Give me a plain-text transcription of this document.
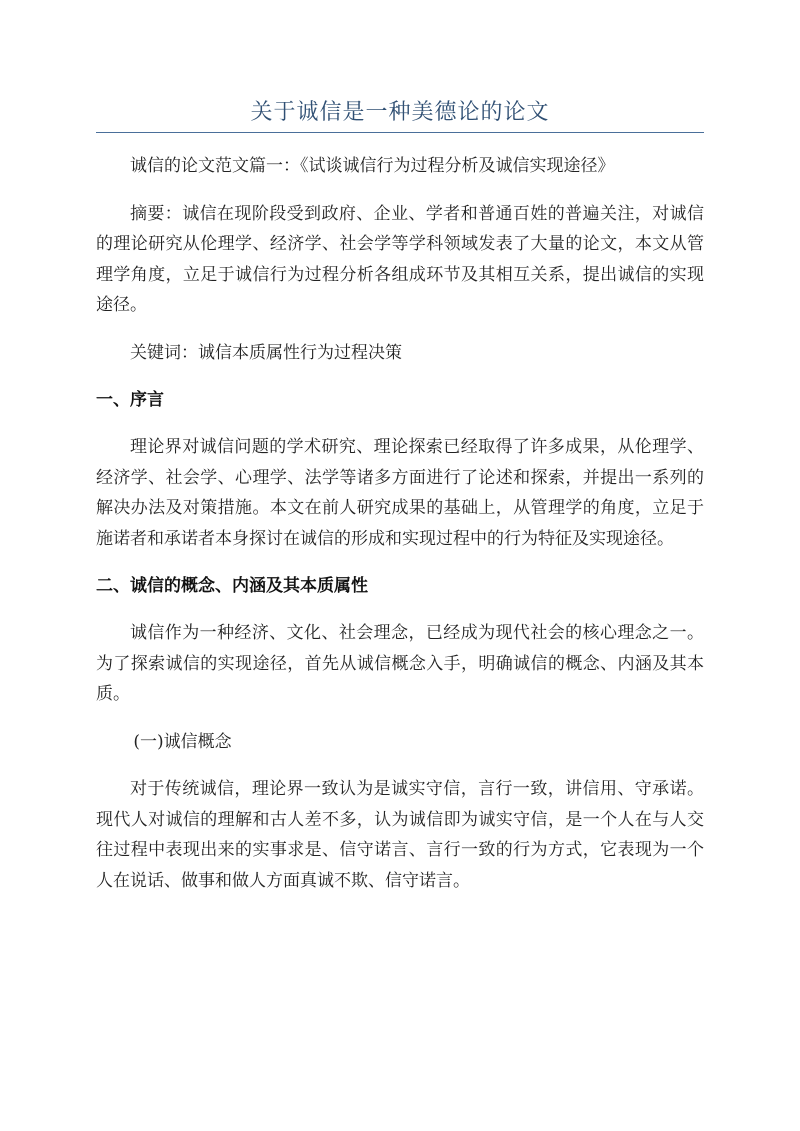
关于诚信是一种美德论的论文

诚信的论文范文篇一：《试谈诚信行为过程分析及诚信实现途径》

摘要：诚信在现阶段受到政府、企业、学者和普通百姓的普遍关注，对诚信的理论研究从伦理学、经济学、社会学等学科领域发表了大量的论文，本文从管理学角度，立足于诚信行为过程分析各组成环节及其相互关系，提出诚信的实现途径。

关键词：诚信本质属性行为过程决策

一、序言

理论界对诚信问题的学术研究、理论探索已经取得了许多成果，从伦理学、经济学、社会学、心理学、法学等诸多方面进行了论述和探索，并提出一系列的解决办法及对策措施。本文在前人研究成果的基础上，从管理学的角度，立足于施诺者和承诺者本身探讨在诚信的形成和实现过程中的行为特征及实现途径。

二、诚信的概念、内涵及其本质属性

诚信作为一种经济、文化、社会理念，已经成为现代社会的核心理念之一。为了探索诚信的实现途径，首先从诚信概念入手，明确诚信的概念、内涵及其本质。

(一)诚信概念

对于传统诚信，理论界一致认为是诚实守信，言行一致，讲信用、守承诺。现代人对诚信的理解和古人差不多，认为诚信即为诚实守信，是一个人在与人交往过程中表现出来的实事求是、信守诺言、言行一致的行为方式，它表现为一个人在说话、做事和做人方面真诚不欺、信守诺言。
